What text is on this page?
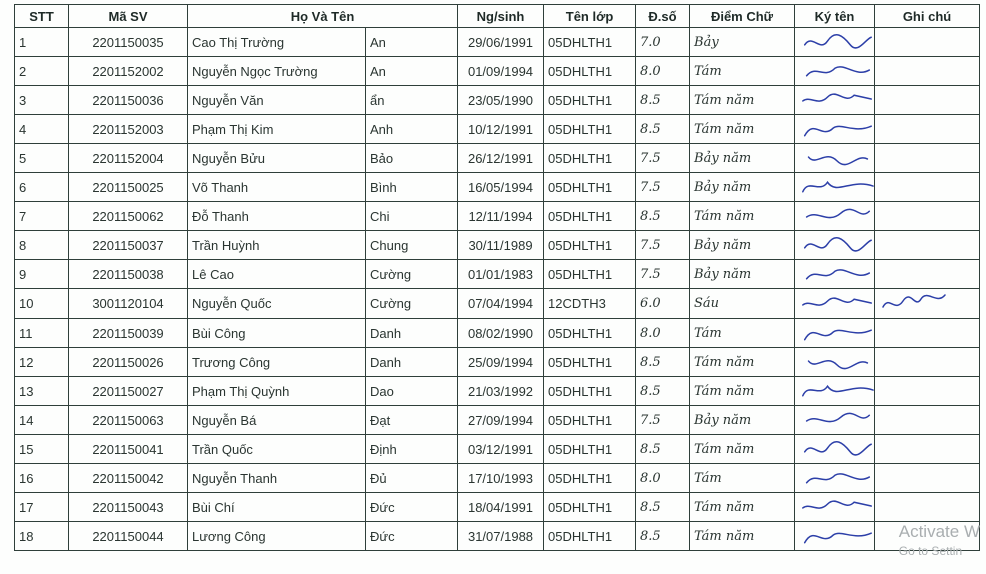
STT	Mã SV	Họ Và Tên		Ng/sinh	Tên lớp	Đ.số	Điểm Chữ	Ký tên	Ghi chú
1	2201150035	Cao Thị Trường	An	29/06/1991	05DHLTH1	7.0	Bảy	

2	2201152002	Nguyễn Ngọc Trường	An	01/09/1994	05DHLTH1	8.0	Tám	

3	2201150036	Nguyễn Văn	ẩn	23/05/1990	05DHLTH1	8.5	Tám năm	

4	2201152003	Phạm Thị Kim	Anh	10/12/1991	05DHLTH1	8.5	Tám năm	

5	2201152004	Nguyễn Bửu	Bảo	26/12/1991	05DHLTH1	7.5	Bảy năm	

6	2201150025	Võ Thanh	Bình	16/05/1994	05DHLTH1	7.5	Bảy năm	

7	2201150062	Đỗ Thanh	Chi	12/11/1994	05DHLTH1	8.5	Tám năm	

8	2201150037	Trần Huỳnh	Chung	30/11/1989	05DHLTH1	7.5	Bảy năm	

9	2201150038	Lê Cao	Cường	01/01/1983	05DHLTH1	7.5	Bảy năm	

10	3001120104	Nguyễn Quốc	Cường	07/04/1994	12CDTH3	6.0	Sáu	

11	2201150039	Bùi Công	Danh	08/02/1990	05DHLTH1	8.0	Tám	

12	2201150026	Trương Công	Danh	25/09/1994	05DHLTH1	8.5	Tám năm	

13	2201150027	Phạm Thị Quỳnh	Dao	21/03/1992	05DHLTH1	8.5	Tám năm	

14	2201150063	Nguyễn Bá	Đạt	27/09/1994	05DHLTH1	7.5	Bảy năm	

15	2201150041	Trần Quốc	Định	03/12/1991	05DHLTH1	8.5	Tám năm	

16	2201150042	Nguyễn Thanh	Đủ	17/10/1993	05DHLTH1	8.0	Tám	

17	2201150043	Bùi Chí	Đức	18/04/1991	05DHLTH1	8.5	Tám năm	

18	2201150044	Lương Công	Đức	31/07/1988	05DHLTH1	8.5	Tám năm	
		Activate W
Go to Settin
